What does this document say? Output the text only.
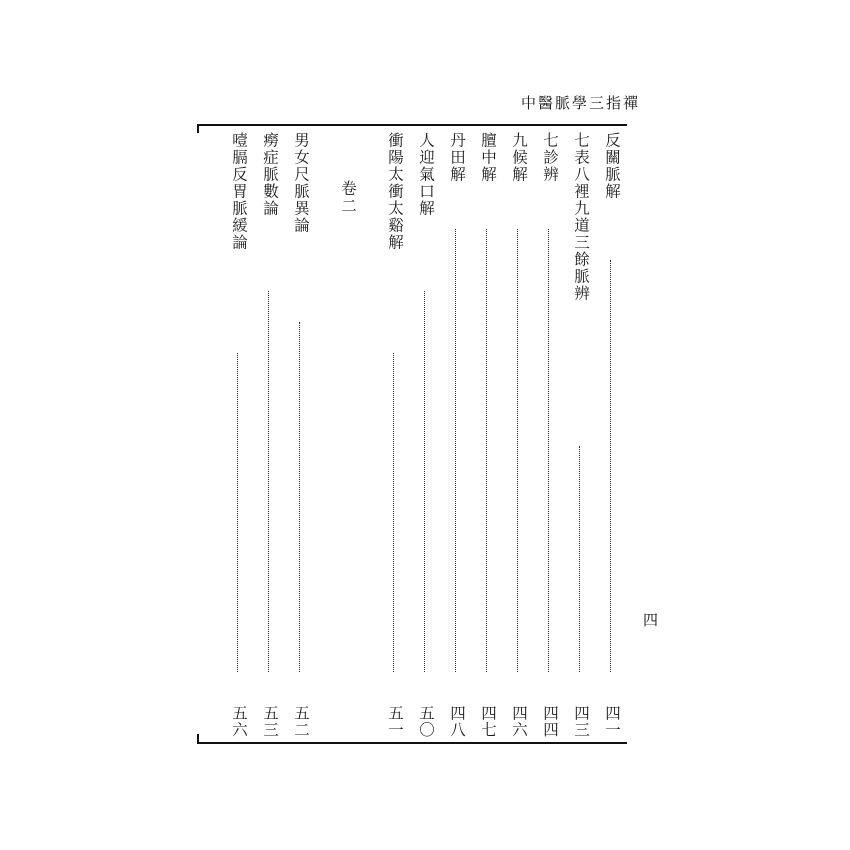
中醫脈學三指禪
反關脈解
四一
七表八裡九道三餘脈辨
四三
七診辨
四四
九候解
四六
膻中解
四七
丹田解
四八
人迎氣口解
五〇
衝陽太衝太谿解
五一
卷二
男女尺脈異論
五二
癆症脈數論
五三
噎膈反胃脈緩論
五六
四
